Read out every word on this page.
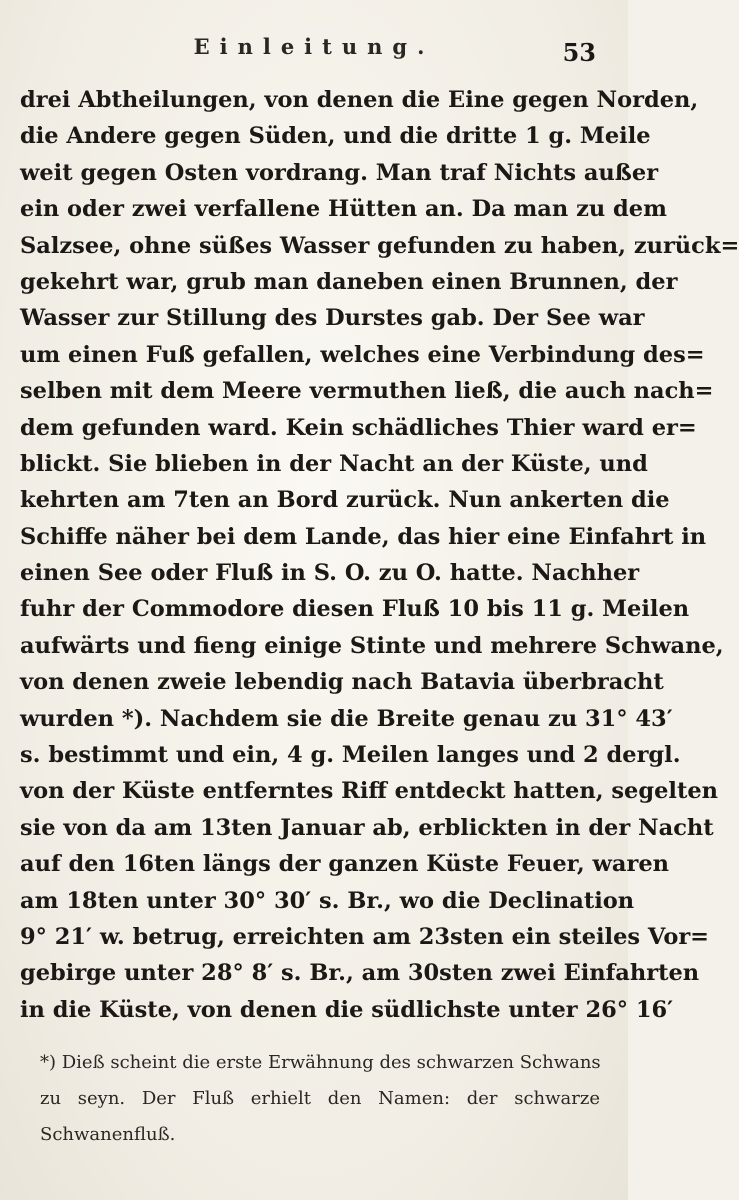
Einleitung.	53
drei Abtheilungen, von denen die Eine gegen Norden,
die Andere gegen Süden, und die dritte 1 g. Meile
weit gegen Osten vordrang. Man traf Nichts außer
ein oder zwei verfallene Hütten an. Da man zu dem
Salzsee, ohne süßes Wasser gefunden zu haben, zurück=
gekehrt war, grub man daneben einen Brunnen, der
Wasser zur Stillung des Durstes gab. Der See war
um einen Fuß gefallen, welches eine Verbindung des=
selben mit dem Meere vermuthen ließ, die auch nach=
dem gefunden ward. Kein schädliches Thier ward er=
blickt. Sie blieben in der Nacht an der Küste, und
kehrten am 7ten an Bord zurück. Nun ankerten die
Schiffe näher bei dem Lande, das hier eine Einfahrt in
einen See oder Fluß in S. O. zu O. hatte. Nachher
fuhr der Commodore diesen Fluß 10 bis 11 g. Meilen
aufwärts und fieng einige Stinte und mehrere Schwane,
von denen zweie lebendig nach Batavia überbracht
wurden *). Nachdem sie die Breite genau zu 31° 43′
s. bestimmt und ein, 4 g. Meilen langes und 2 dergl.
von der Küste entferntes Riff entdeckt hatten, segelten
sie von da am 13ten Januar ab, erblickten in der Nacht
auf den 16ten längs der ganzen Küste Feuer, waren
am 18ten unter 30° 30′ s. Br., wo die Declination
9° 21′ w. betrug, erreichten am 23sten ein steiles Vor=
gebirge unter 28° 8′ s. Br., am 30sten zwei Einfahrten
in die Küste, von denen die südlichste unter 26° 16′
*) Dieß scheint die erste Erwähnung des schwarzen Schwans
zu seyn. Der Fluß erhielt den Namen: der schwarze
Schwanenfluß.
